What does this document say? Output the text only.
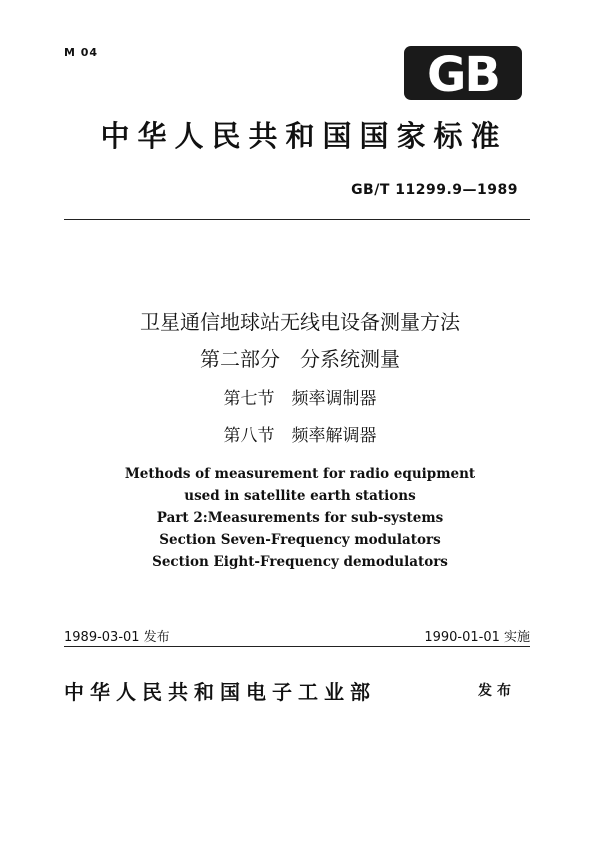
M 04	GB
中华人民共和国国家标准
GB/T 11299.9—1989
卫星通信地球站无线电设备测量方法
第二部分　分系统测量
第七节　频率调制器
第八节　频率解调器
Methods of measurement for radio equipment
used in satellite earth stations
Part 2:Measurements for sub-systems
Section Seven-Frequency modulators
Section Eight-Frequency demodulators
1989-03-01 发布	1990-01-01 实施
中华人民共和国电子工业部	发布
